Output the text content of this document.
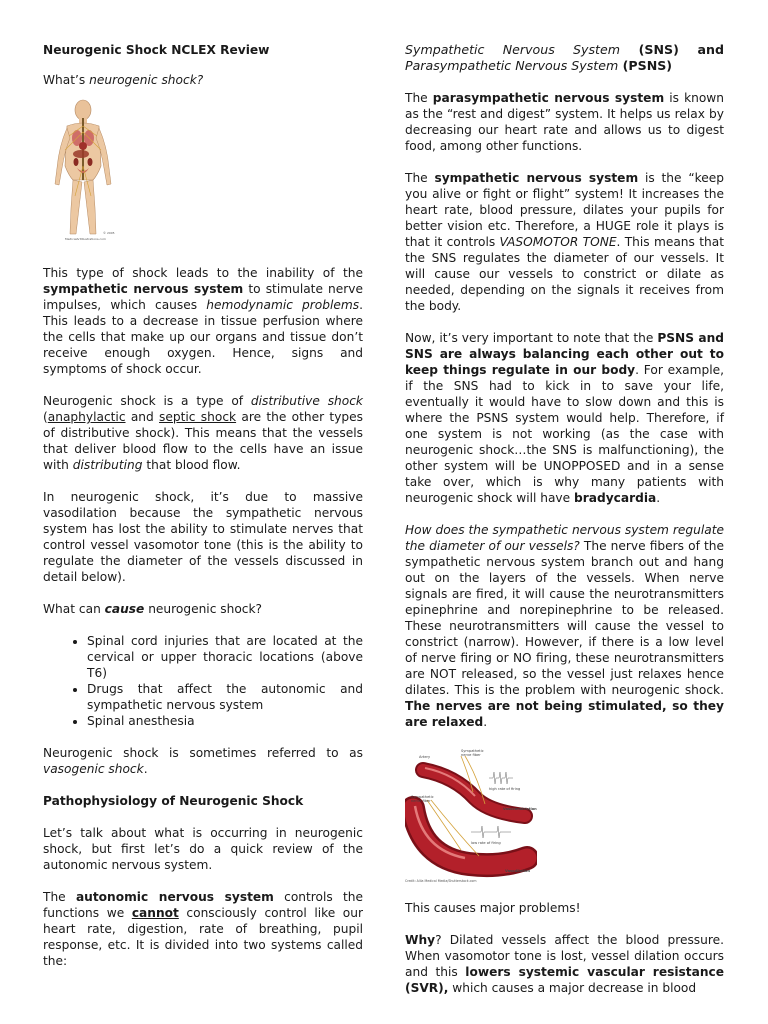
Neurogenic Shock NCLEX Review

What’s neurogenic shock?

© 2005
MedicalArtIllustrations.com

This type of shock leads to the inability of the sympathetic nervous system to stimulate nerve impulses, which causes hemodynamic problems. This leads to a decrease in tissue perfusion where the cells that make up our organs and tissue don’t receive enough oxygen. Hence, signs and symptoms of shock occur.

Neurogenic shock is a type of distributive shock (anaphylactic and septic shock are the other types of distributive shock). This means that the vessels that deliver blood flow to the cells have an issue with distributing that blood flow.

In neurogenic shock, it’s due to massive vasodilation because the sympathetic nervous system has lost the ability to stimulate nerves that control vessel vasomotor tone (this is the ability to regulate the diameter of the vessels discussed in detail below).

What can cause neurogenic shock?

• Spinal cord injuries that are located at the cervical or upper thoracic locations (above T6)
• Drugs that affect the autonomic and sympathetic nervous system
• Spinal anesthesia

Neurogenic shock is sometimes referred to as vasogenic shock.

Pathophysiology of Neurogenic Shock

Let’s talk about what is occurring in neurogenic shock, but first let’s do a quick review of the autonomic nervous system.

The autonomic nervous system controls the functions we cannot consciously control like our heart rate, digestion, rate of breathing, pupil response, etc. It is divided into two systems called the:

Sympathetic Nervous System (SNS) and Parasympathetic Nervous System (PSNS)

The parasympathetic nervous system is known as the “rest and digest” system. It helps us relax by decreasing our heart rate and allows us to digest food, among other functions.

The sympathetic nervous system is the “keep you alive or fight or flight” system! It increases the heart rate, blood pressure, dilates your pupils for better vision etc. Therefore, a HUGE role it plays is that it controls VASOMOTOR TONE. This means that the SNS regulates the diameter of our vessels. It will cause our vessels to constrict or dilate as needed, depending on the signals it receives from the body.

Now, it’s very important to note that the PSNS and SNS are always balancing each other out to keep things regulate in our body. For example, if the SNS had to kick in to save your life, eventually it would have to slow down and this is where the PSNS system would help. Therefore, if one system is not working (as the case with neurogenic shock…the SNS is malfunctioning), the other system will be UNOPPOSED and in a sense take over, which is why many patients with neurogenic shock will have bradycardia.

How does the sympathetic nervous system regulate the diameter of our vessels? The nerve fibers of the sympathetic nervous system branch out and hang out on the layers of the vessels. When nerve signals are fired, it will cause the neurotransmitters epinephrine and norepinephrine to be released. These neurotransmitters will cause the vessel to constrict (narrow). However, if there is a low level of nerve firing or NO firing, these neurotransmitters are NOT released, so the vessel just relaxes hence dilates. This is the problem with neurogenic shock. The nerves are not being stimulated, so they are relaxed.

Artery
Sympathetic
nerve fiber
high rate of firing
Vasoconstriction
Sympathetic
nerve fiber
low rate of firing
Vasodilation
Credit: Alila Medical Media/Shutterstock.com

This causes major problems!

Why? Dilated vessels affect the blood pressure. When vasomotor tone is lost, vessel dilation occurs and this lowers systemic vascular resistance (SVR), which causes a major decrease in blood
